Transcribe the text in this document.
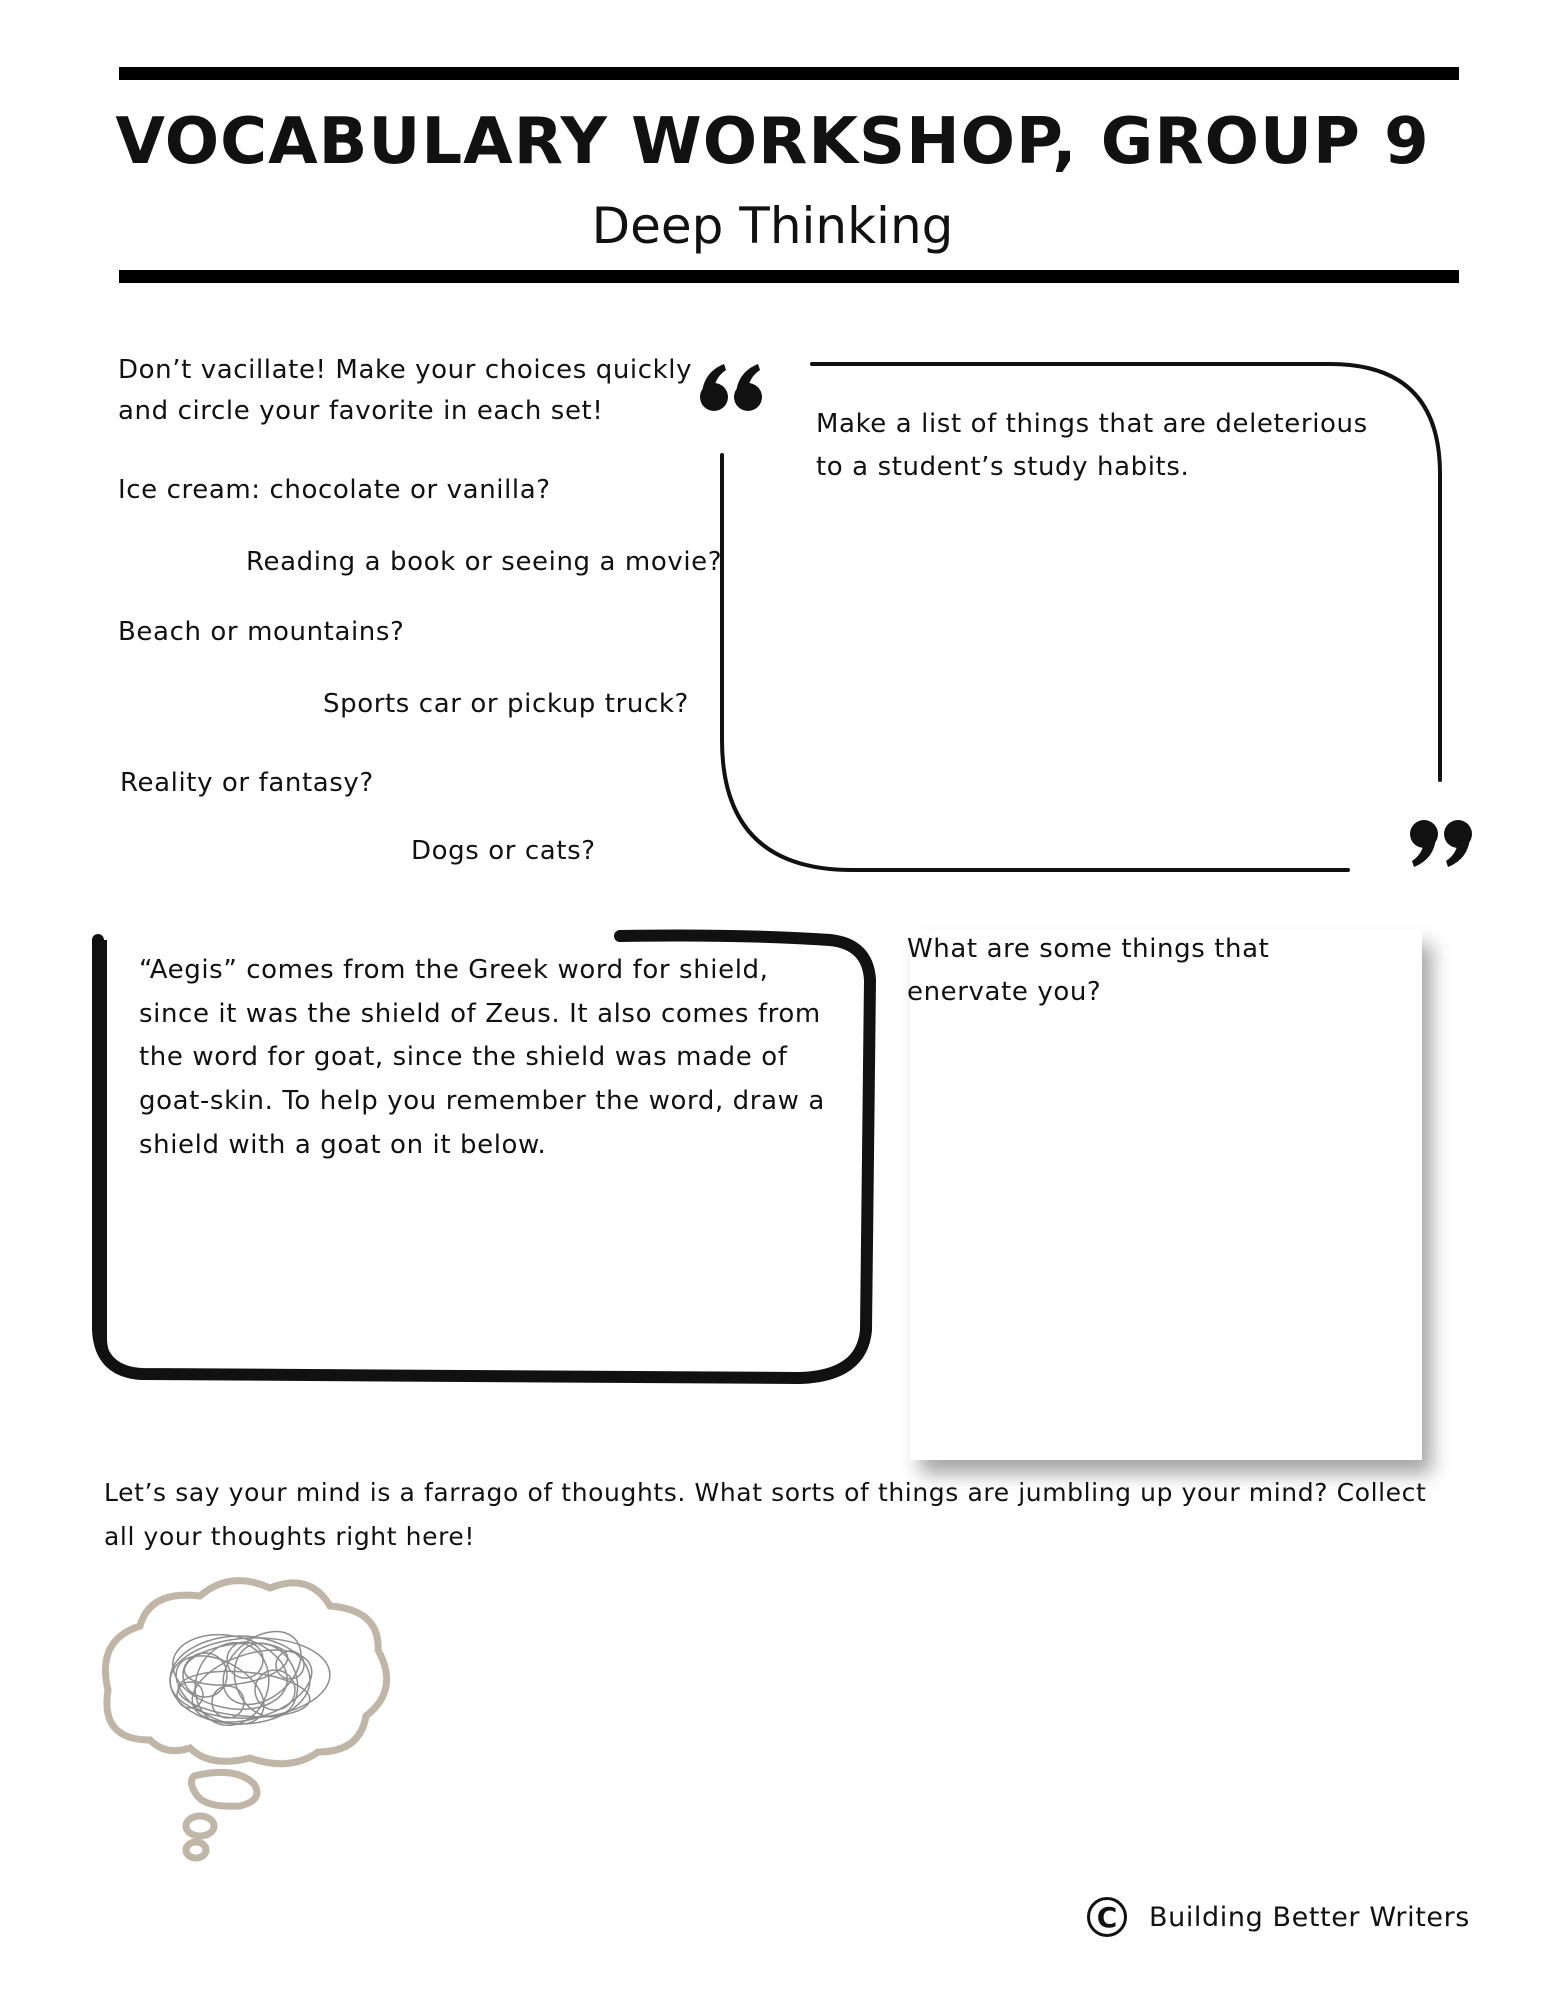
VOCABULARY WORKSHOP, GROUP 9

Deep Thinking

Don’t vacillate! Make your choices quickly

and circle your favorite in each set!

Ice cream: chocolate or vanilla?

Reading a book or seeing a movie?

Beach or mountains?

Sports car or pickup truck?

Reality or fantasy?

Dogs or cats?

Make a list of things that are deleterious

to a student’s study habits.

What are some things that

enervate you?

“Aegis” comes from the Greek word for shield,

since it was the shield of Zeus. It also comes from

the word for goat, since the shield was made of

goat-skin. To help you remember the word, draw a

shield with a goat on it below.

Let’s say your mind is a farrago of thoughts. What sorts of things are jumbling up your mind? Collect

all your thoughts right here!

C	Building Better Writers
